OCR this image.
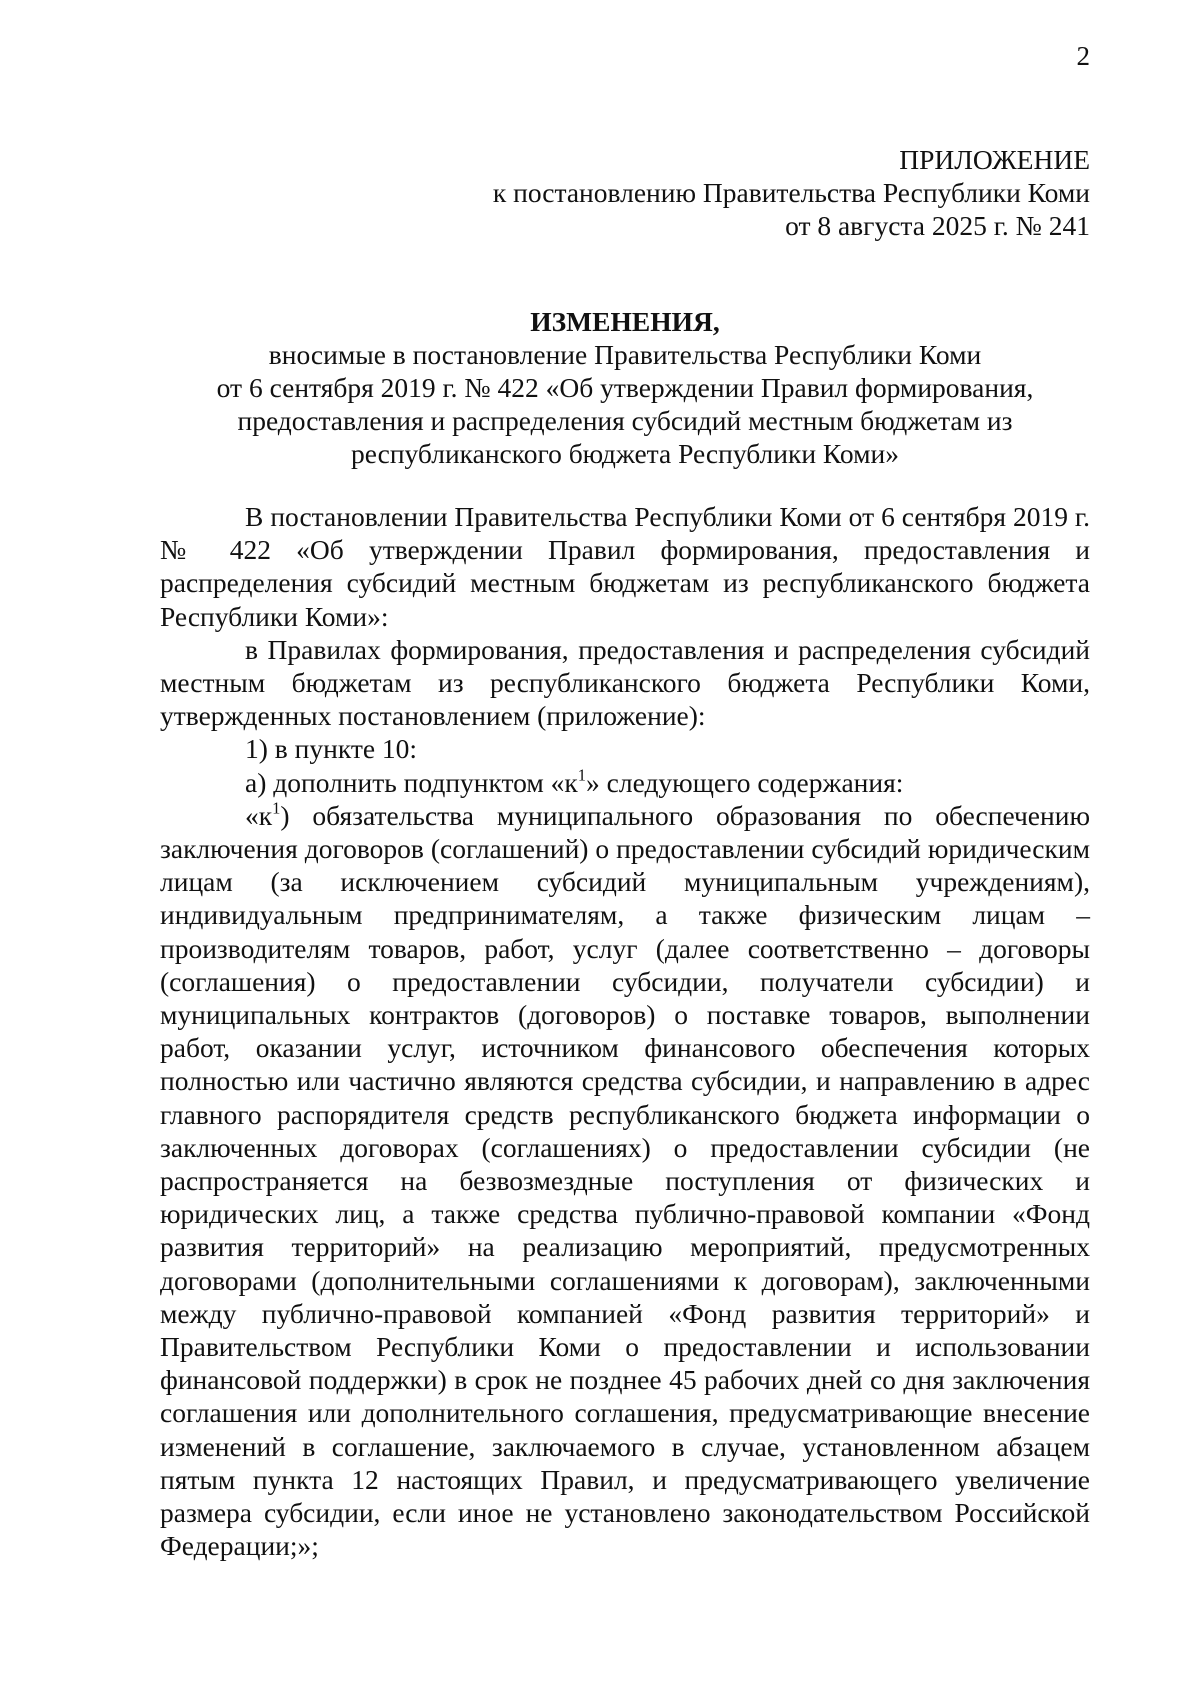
2
ПРИЛОЖЕНИЕ
к постановлению Правительства Республики Коми
от 8 августа 2025 г. № 241
ИЗМЕНЕНИЯ,
вносимые в постановление Правительства Республики Коми
от 6 сентября 2019 г. № 422 «Об утверждении Правил формирования,
предоставления и распределения субсидий местным бюджетам из
республиканского бюджета Республики Коми»

В постановлении Правительства Республики Коми от 6 сентября 2019 г. № 422 «Об утверждении Правил формирования, предоставления и распределения субсидий местным бюджетам из республиканского бюджета Республики Коми»:

в Правилах формирования, предоставления и распределения субсидий местным бюджетам из республиканского бюджета Республики Коми, утвержденных постановлением (приложение):

1) в пункте 10:

а) дополнить подпунктом «$к^1$» следующего содержания:

«$к^1$) обязательства муниципального образования по обеспечению заключения договоров (соглашений) о предоставлении субсидий юридическим лицам (за исключением субсидий муниципальным учреждениям), индивидуальным предпринимателям, а также физическим лицам – производителям товаров, работ, услуг (далее соответственно – договоры (соглашения) о предоставлении субсидии, получатели субсидии) и муниципальных контрактов (договоров) о поставке товаров, выполнении работ, оказании услуг, источником финансового обеспечения которых полностью или частично являются средства субсидии, и направлению в адрес главного распорядителя средств республиканского бюджета информации о заключенных договорах (соглашениях) о предоставлении субсидии (не распространяется на безвозмездные поступления от физических и юридических лиц, а также средства публично-правовой компании «Фонд развития территорий» на реализацию мероприятий, предусмотренных договорами (дополнительными соглашениями к договорам), заключенными между публично-правовой компанией «Фонд развития территорий» и Правительством Республики Коми о предоставлении и использовании финансовой поддержки) в срок не позднее 45 рабочих дней со дня заключения соглашения или дополнительного соглашения, предусматривающие внесение изменений в соглашение, заключаемого в случае, установленном абзацем пятым пункта 12 настоящих Правил, и предусматривающего увеличение размера субсидии, если иное не установлено законодательством Российской Федерации;»;
